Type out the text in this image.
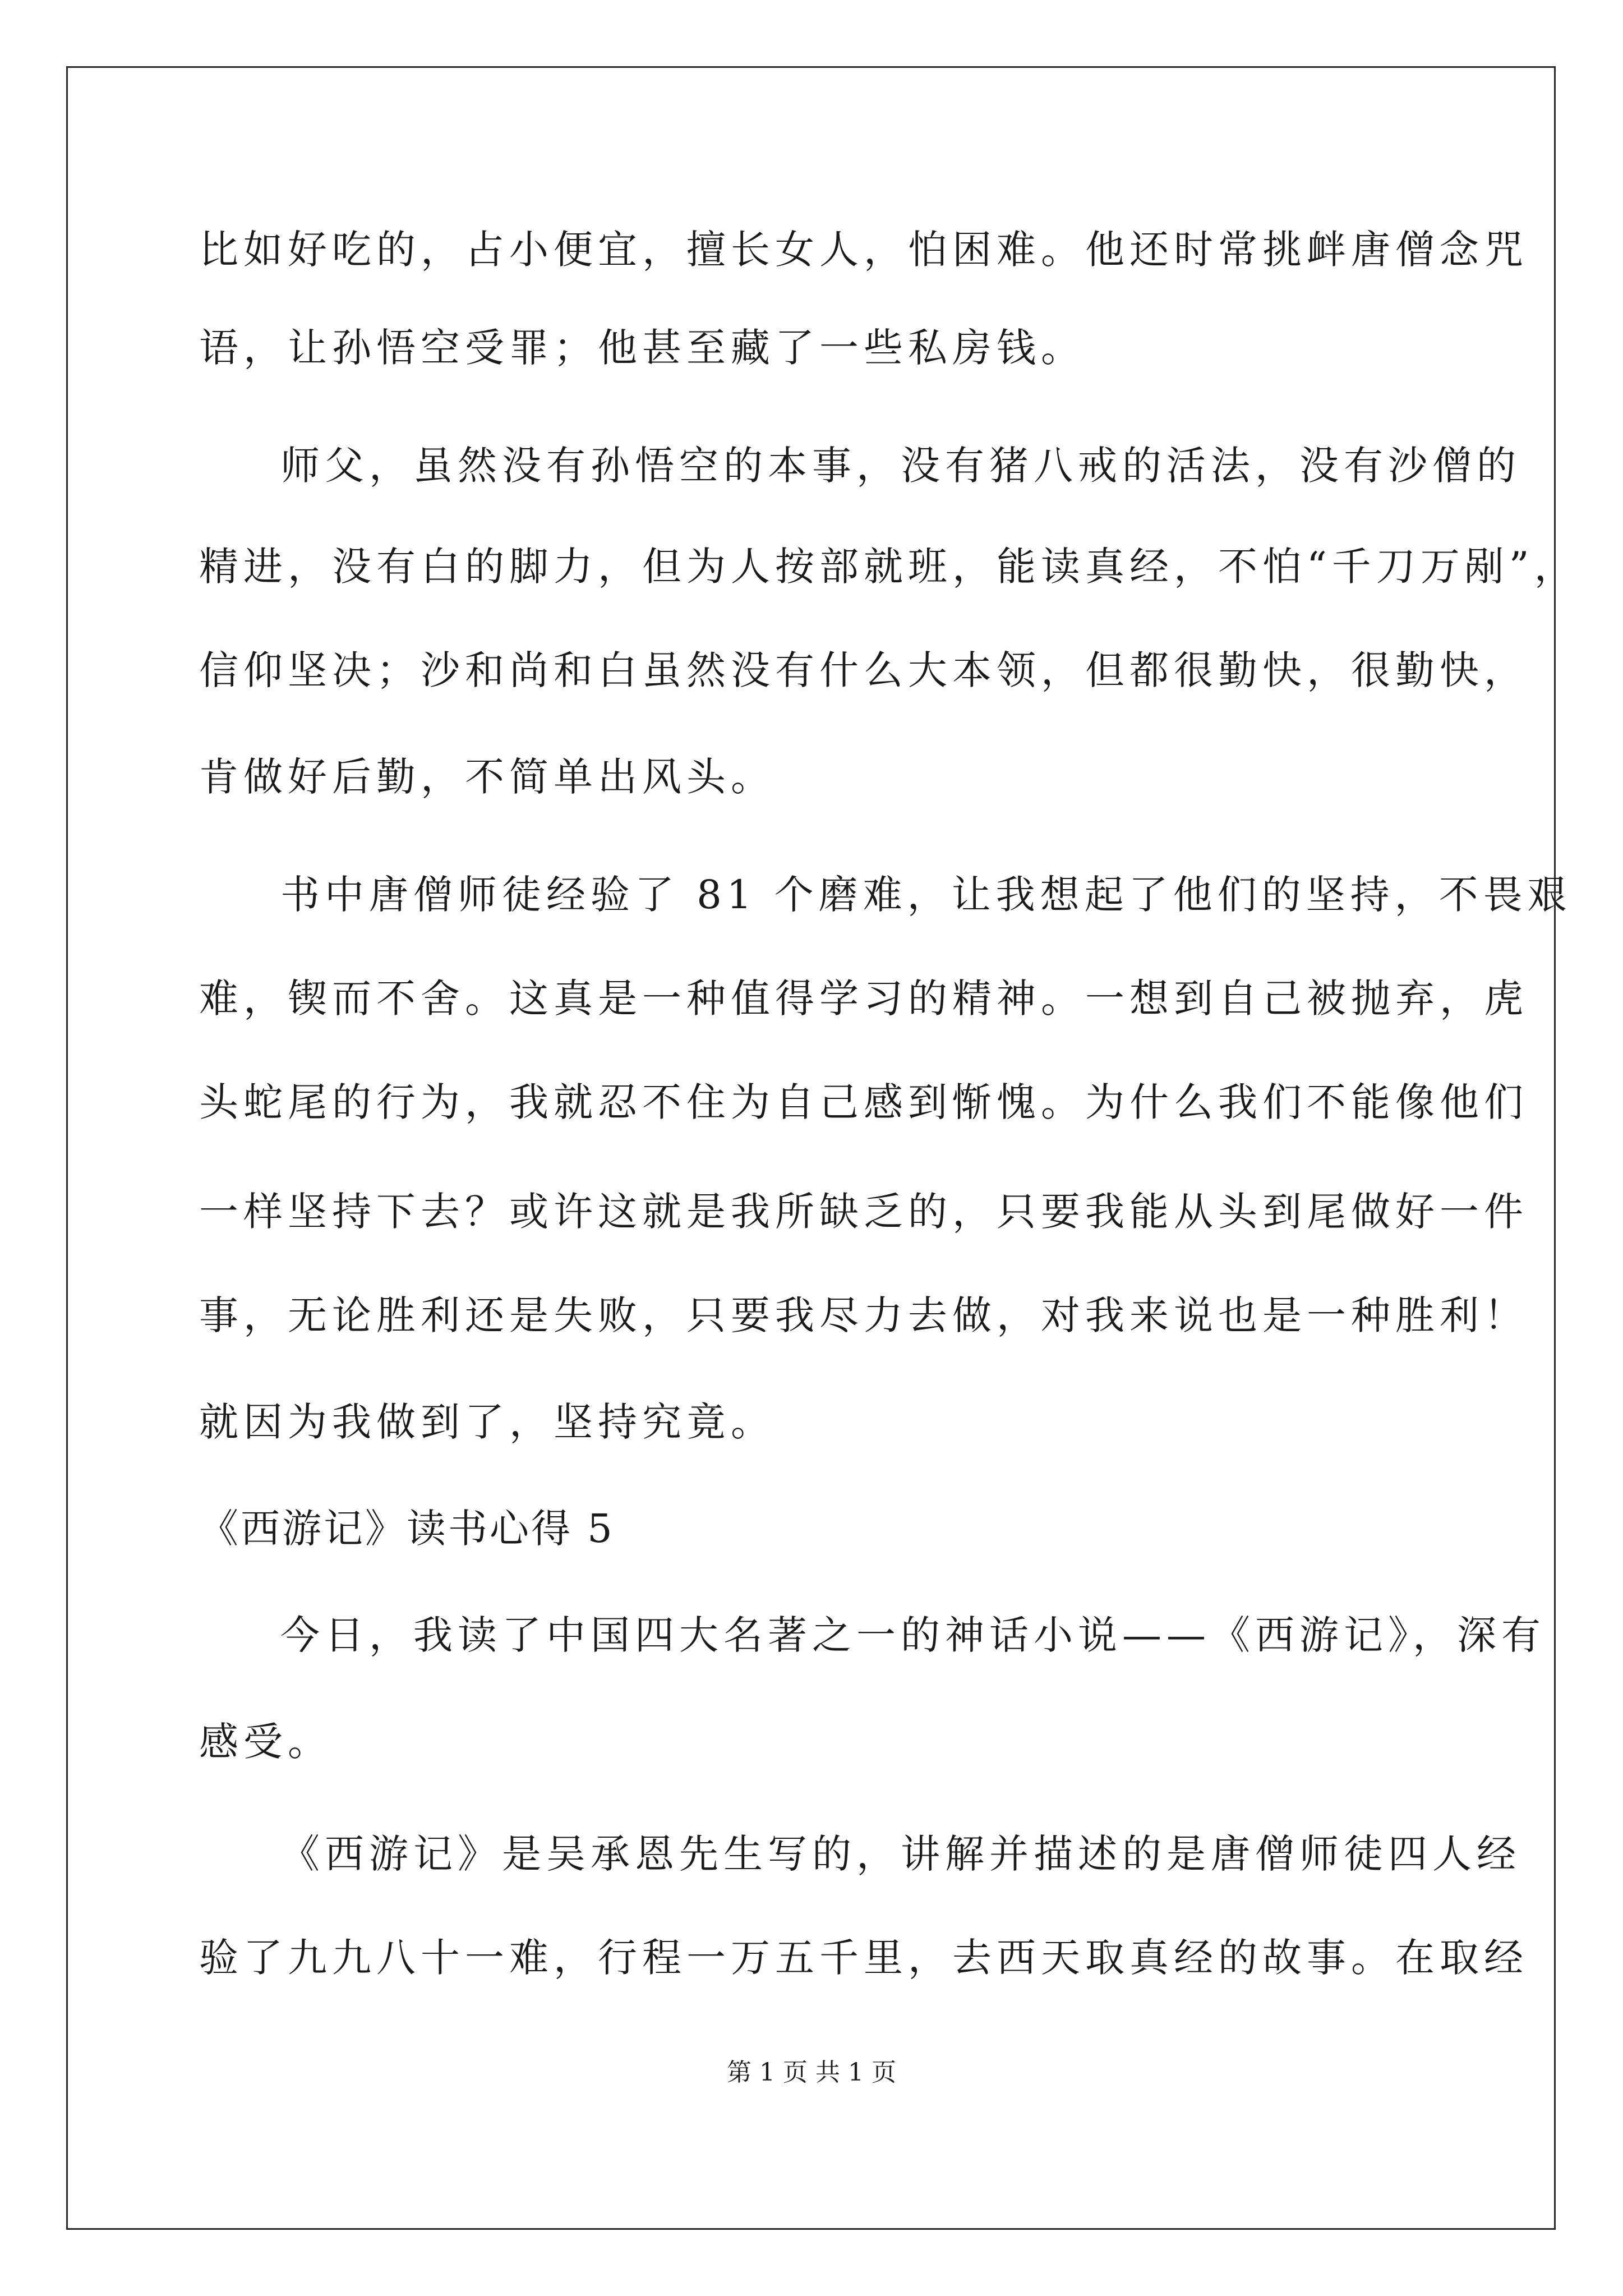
比如好吃的，占小便宜，擅长女人，怕困难。他还时常挑衅唐僧念咒
语，让孙悟空受罪；他甚至藏了一些私房钱。
师父，虽然没有孙悟空的本事，没有猪八戒的活法，没有沙僧的
精进，没有白的脚力，但为人按部就班，能读真经，不怕“千刀万剐”，
信仰坚决；沙和尚和白虽然没有什么大本领，但都很勤快，很勤快，
肯做好后勤，不简单出风头。
书中唐僧师徒经验了 81 个磨难，让我想起了他们的坚持，不畏艰
难，锲而不舍。这真是一种值得学习的精神。一想到自己被抛弃，虎
头蛇尾的行为，我就忍不住为自己感到惭愧。为什么我们不能像他们
一样坚持下去？或许这就是我所缺乏的，只要我能从头到尾做好一件
事，无论胜利还是失败，只要我尽力去做，对我来说也是一种胜利！
就因为我做到了，坚持究竟。
《西游记》读书心得 5
今日，我读了中国四大名著之一的神话小说——《西游记》，深有
感受。
《西游记》是吴承恩先生写的，讲解并描述的是唐僧师徒四人经
验了九九八十一难，行程一万五千里，去西天取真经的故事。在取经
第 1 页 共 1 页
